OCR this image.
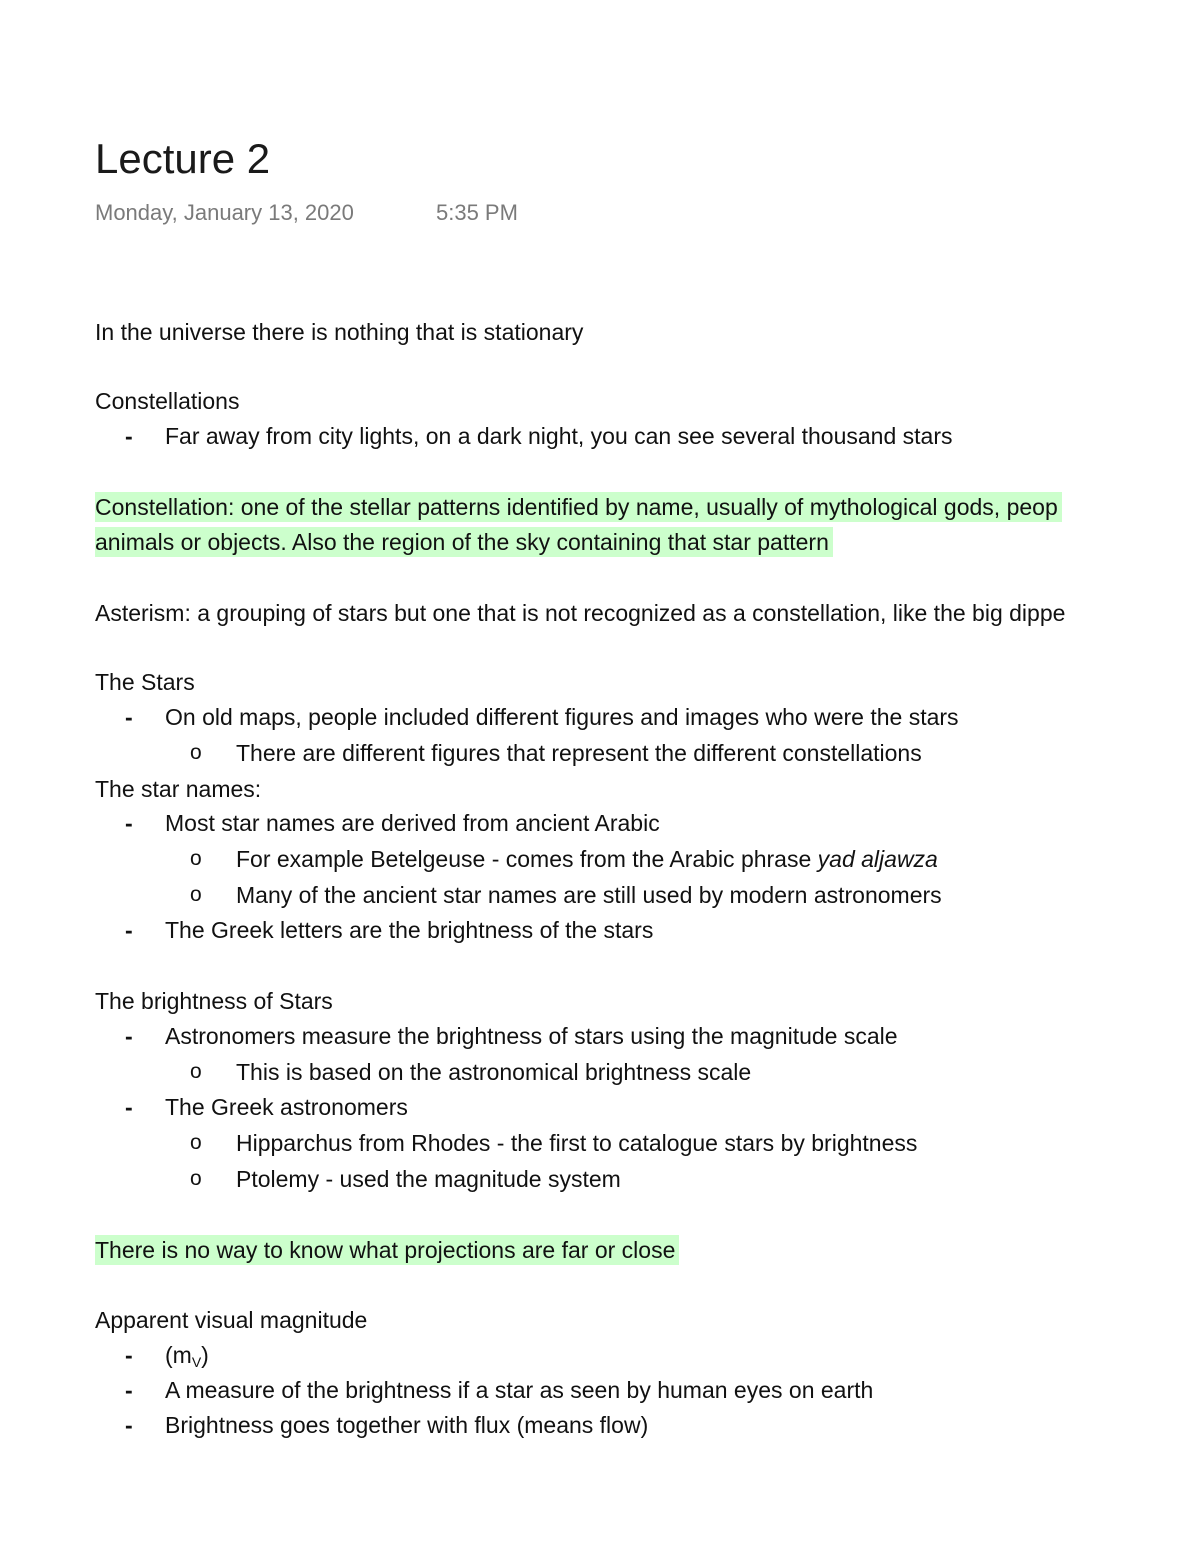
Lecture 2
Monday, January 13, 2020	5:35 PM
In the universe there is nothing that is stationary
Constellations
- Far away from city lights, on a dark night, you can see several thousand stars
Constellation: one of the stellar patterns identified by name, usually of mythological gods, peop
animals or objects. Also the region of the sky containing that star pattern
Asterism: a grouping of stars but one that is not recognized as a constellation, like the big dippe
The Stars
- On old maps, people included different figures and images who were the stars
o There are different figures that represent the different constellations
The star names:
- Most star names are derived from ancient Arabic
o For example Betelgeuse - comes from the Arabic phrase yad aljawza
o Many of the ancient star names are still used by modern astronomers
- The Greek letters are the brightness of the stars
The brightness of Stars
- Astronomers measure the brightness of stars using the magnitude scale
o This is based on the astronomical brightness scale
- The Greek astronomers
o Hipparchus from Rhodes - the first to catalogue stars by brightness
o Ptolemy - used the magnitude system
There is no way to know what projections are far or close
Apparent visual magnitude
- $(m_V)$
- A measure of the brightness if a star as seen by human eyes on earth
- Brightness goes together with flux (means flow)
